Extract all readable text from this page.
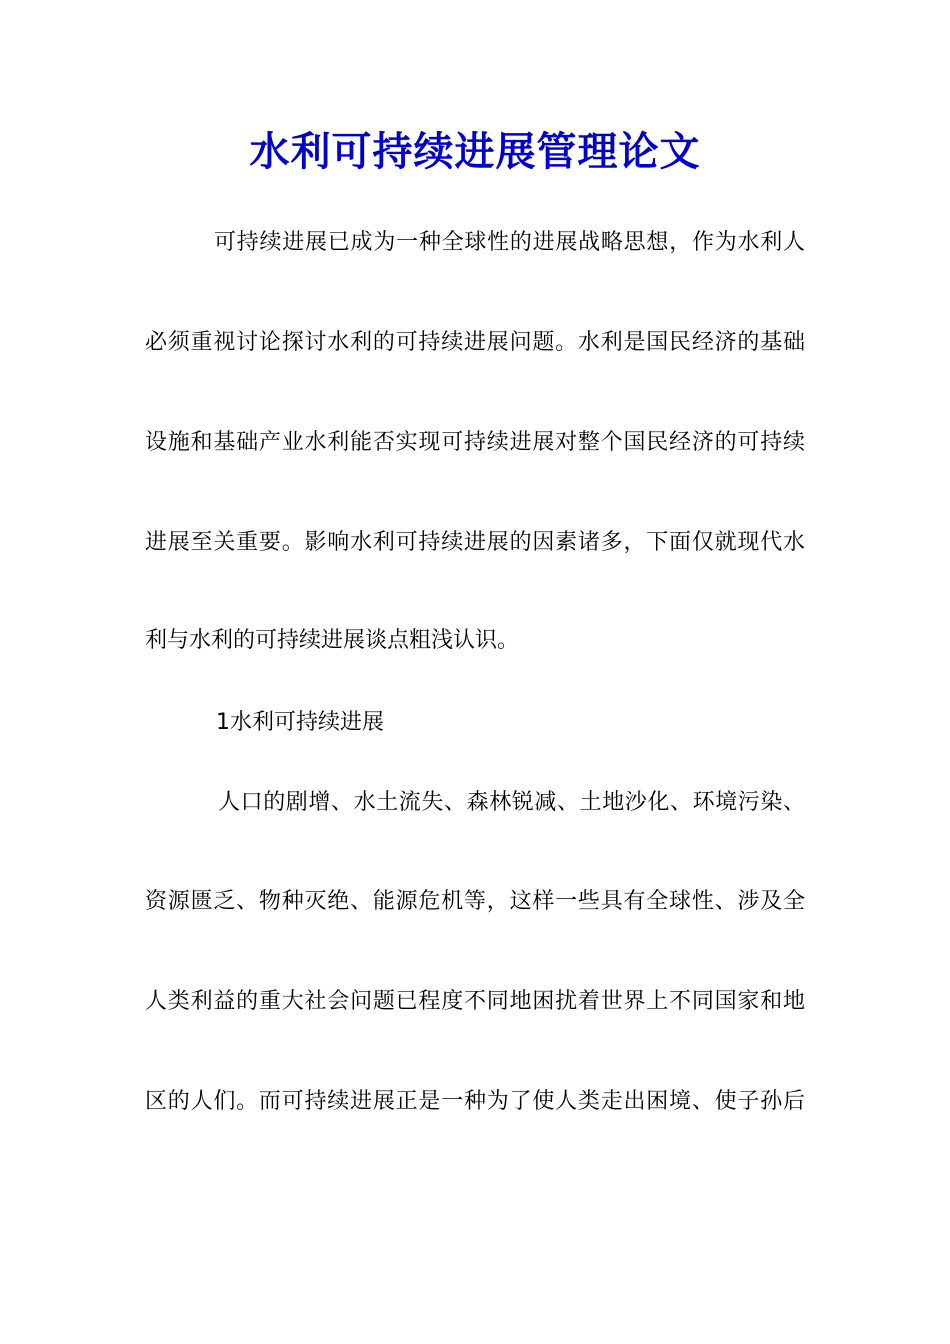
水利可持续进展管理论文
可持续进展已成为一种全球性的进展战略思想，作为水利人
必须重视讨论探讨水利的可持续进展问题。水利是国民经济的基础
设施和基础产业水利能否实现可持续进展对整个国民经济的可持续
进展至关重要。影响水利可持续进展的因素诸多，下面仅就现代水
利与水利的可持续进展谈点粗浅认识。
1水利可持续进展
人口的剧增、水土流失、森林锐减、土地沙化、环境污染、
资源匮乏、物种灭绝、能源危机等，这样一些具有全球性、涉及全
人类利益的重大社会问题已程度不同地困扰着世界上不同国家和地
区的人们。而可持续进展正是一种为了使人类走出困境、使子孙后
